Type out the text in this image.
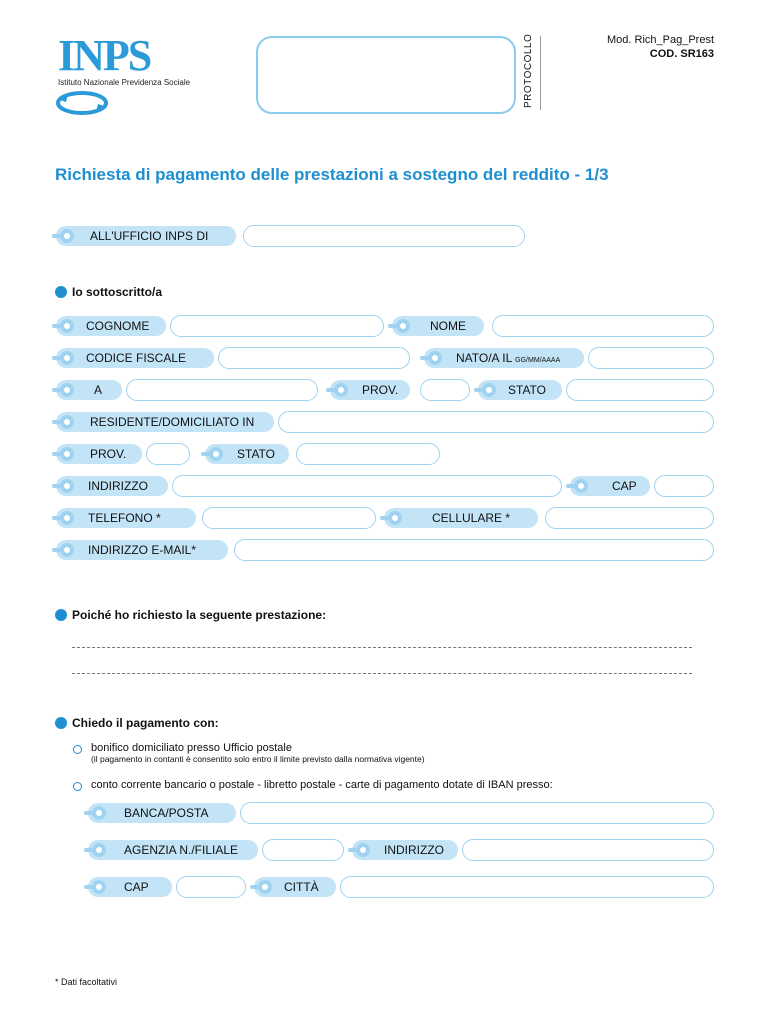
INPS
Istituto Nazionale Previdenza Sociale	PROTOCOLLO	Mod. Rich_Pag_Prest
COD. SR163
Richiesta di pagamento delle prestazioni a sostegno del reddito - 1/3
ALL'UFFICIO INPS DI
Io sottoscritto/a
COGNOME	NOME
CODICE FISCALE	NATO/A IL GG/MM/AAAA
A	PROV.	STATO
RESIDENTE/DOMICILIATO IN
PROV.	STATO
INDIRIZZO	CAP
TELEFONO *	CELLULARE *
INDIRIZZO E-MAIL*
Poiché ho richiesto la seguente prestazione:
Chiedo il pagamento con:
bonifico domiciliato presso Ufficio postale
(il pagamento in contanti è consentito solo entro il limite previsto dalla normativa vigente)
conto corrente bancario o postale - libretto postale - carte di pagamento dotate di IBAN presso:
BANCA/POSTA
AGENZIA N./FILIALE	INDIRIZZO
CAP	CITTÀ
* Dati facoltativi
